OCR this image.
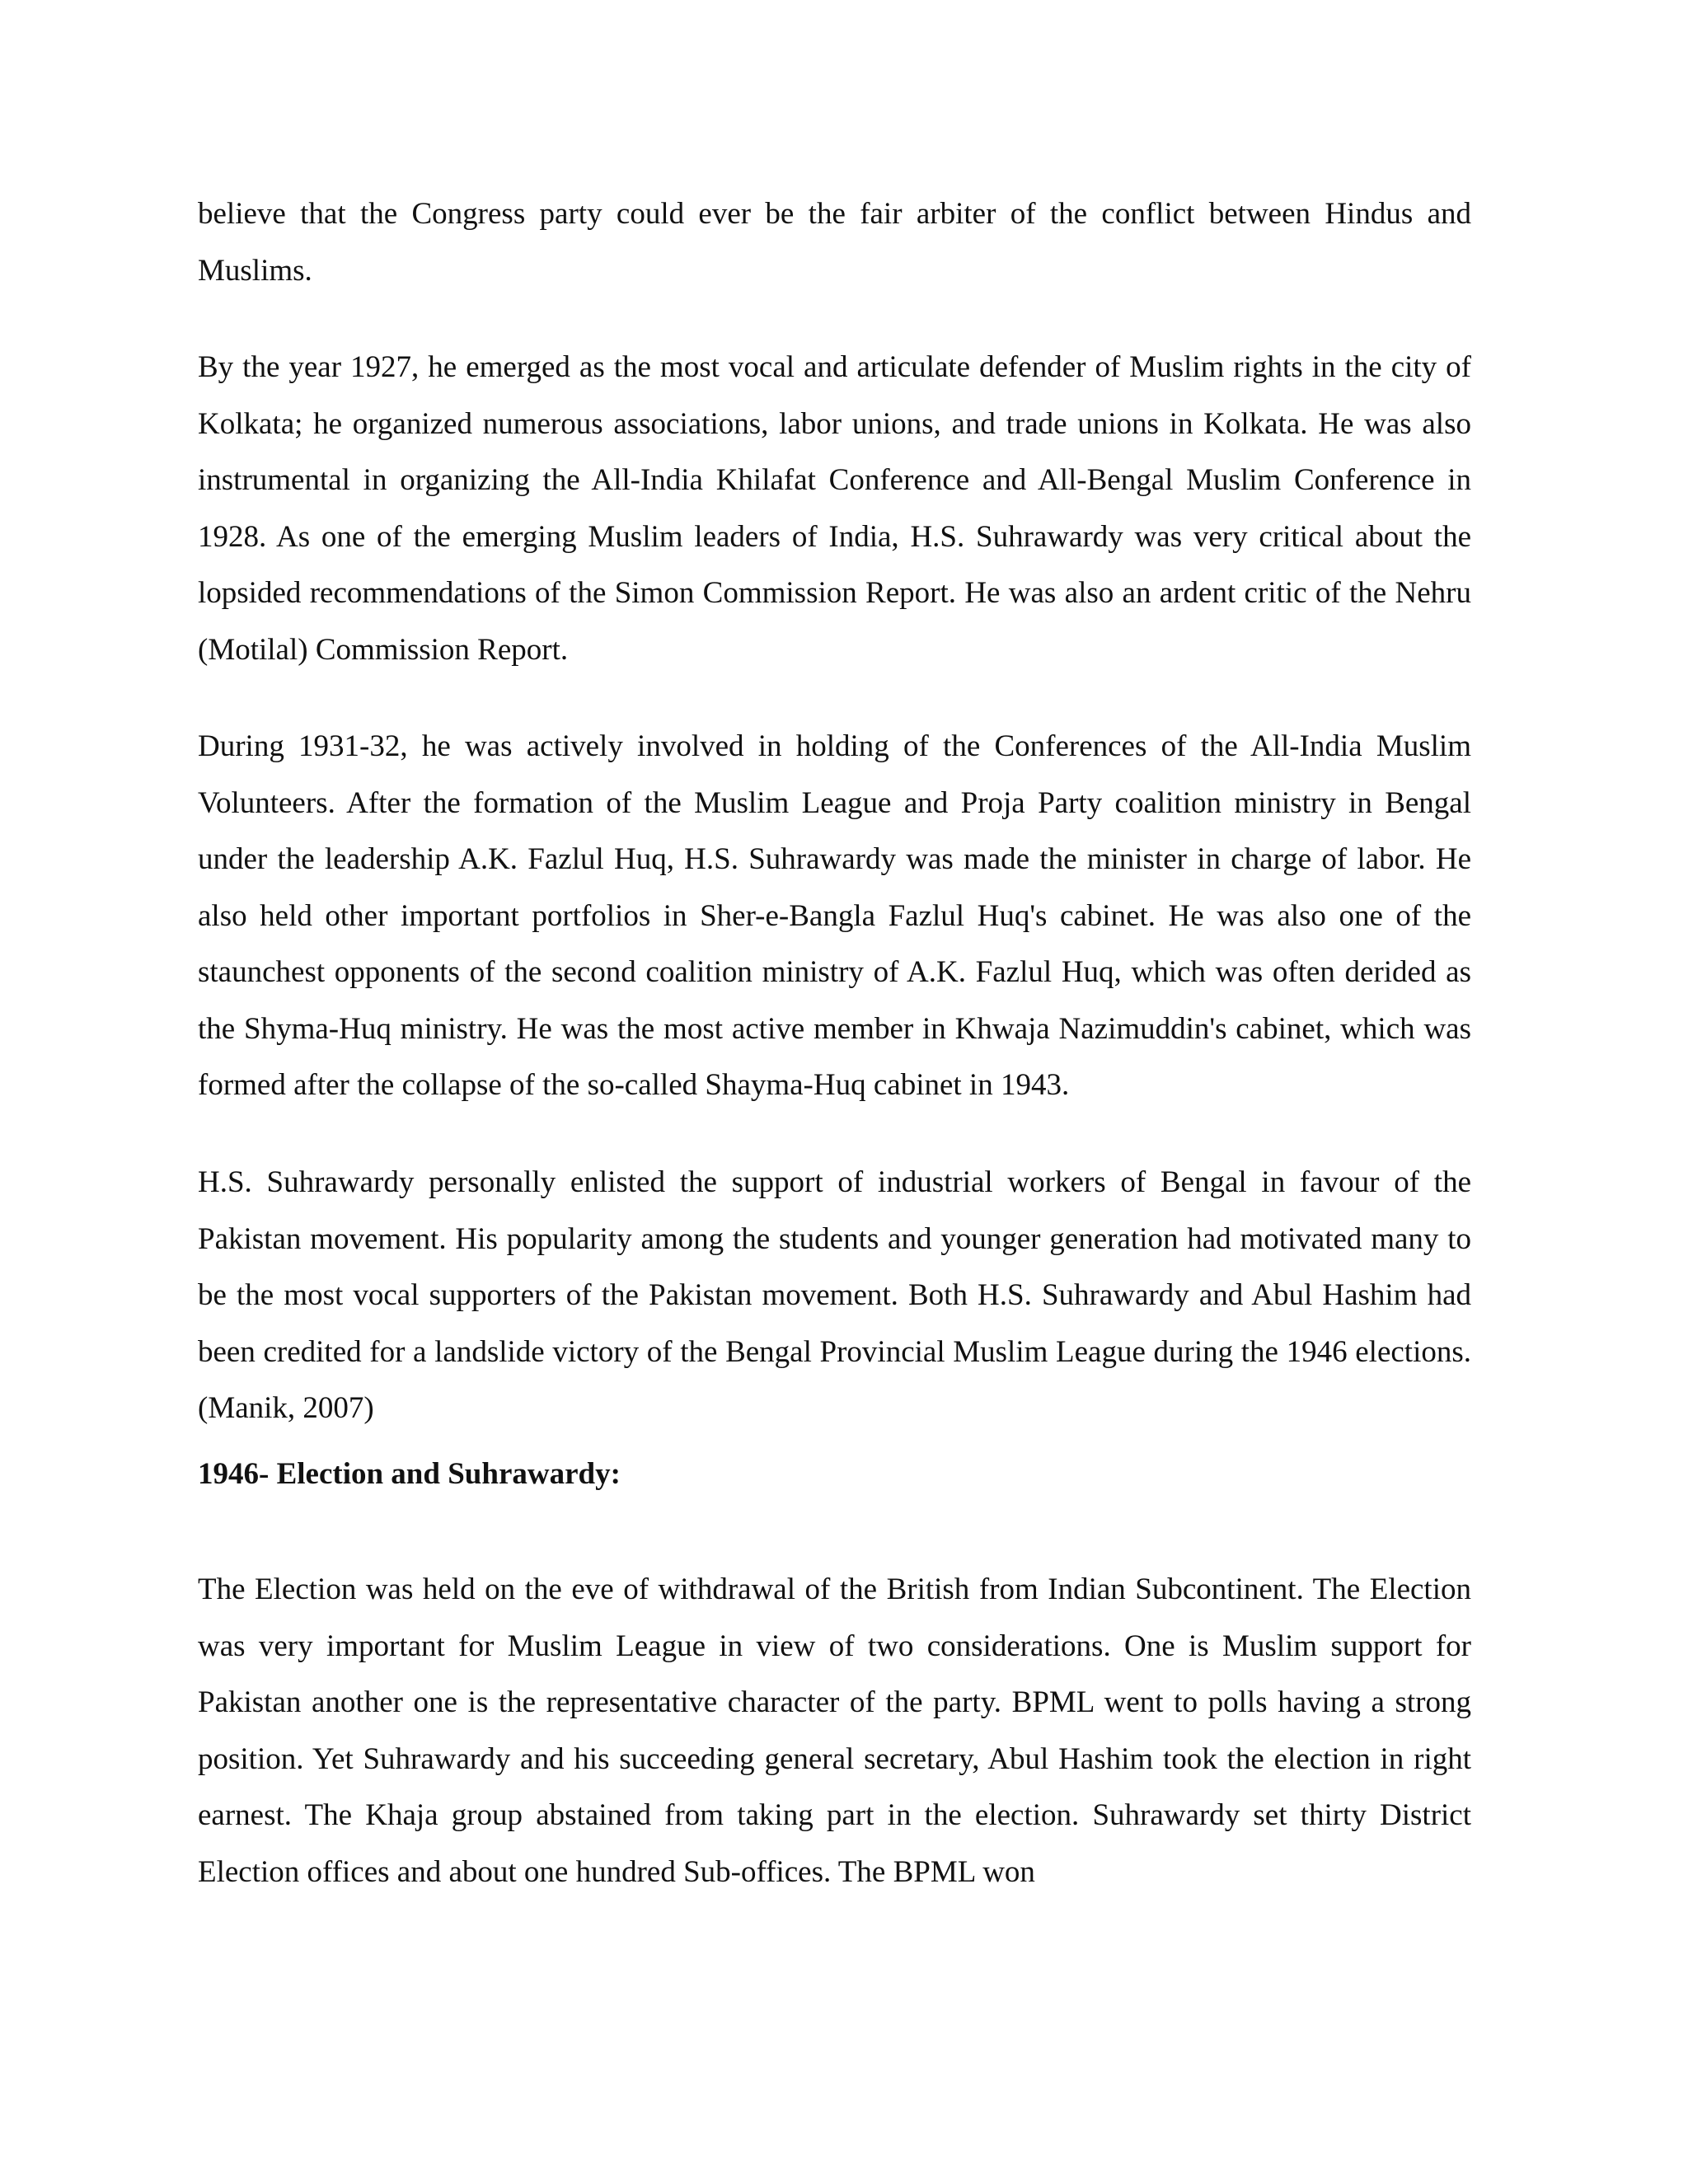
believe that the Congress party could ever be the fair arbiter of the conflict between Hindus and Muslims.

By the year 1927, he emerged as the most vocal and articulate defender of Muslim rights in the city of Kolkata; he organized numerous associations, labor unions, and trade unions in Kolkata. He was also instrumental in organizing the All-India Khilafat Conference and All-Bengal Muslim Conference in 1928. As one of the emerging Muslim leaders of India, H.S. Suhrawardy was very critical about the lopsided recommendations of the Simon Commission Report. He was also an ardent critic of the Nehru (Motilal) Commission Report.

During 1931-32, he was actively involved in holding of the Conferences of the All-India Muslim Volunteers. After the formation of the Muslim League and Proja Party coalition ministry in Bengal under the leadership A.K. Fazlul Huq, H.S. Suhrawardy was made the minister in charge of labor. He also held other important portfolios in Sher-e-Bangla Fazlul Huq's cabinet. He was also one of the staunchest opponents of the second coalition ministry of A.K. Fazlul Huq, which was often derided as the Shyma-Huq ministry. He was the most active member in Khwaja Nazimuddin's cabinet, which was formed after the collapse of the so-called Shayma-Huq cabinet in 1943.

H.S. Suhrawardy personally enlisted the support of industrial workers of Bengal in favour of the Pakistan movement. His popularity among the students and younger generation had motivated many to be the most vocal supporters of the Pakistan movement. Both H.S. Suhrawardy and Abul Hashim had been credited for a landslide victory of the Bengal Provincial Muslim League during the 1946 elections. (Manik, 2007)

1946- Election and Suhrawardy:

The Election was held on the eve of withdrawal of the British from Indian Subcontinent. The Election was very important for Muslim League in view of two considerations. One is Muslim support for Pakistan another one is the representative character of the party. BPML went to polls having a strong position. Yet Suhrawardy and his succeeding general secretary, Abul Hashim took the election in right earnest. The Khaja group abstained from taking part in the election. Suhrawardy set thirty District Election offices and about one hundred Sub-offices. The BPML won
